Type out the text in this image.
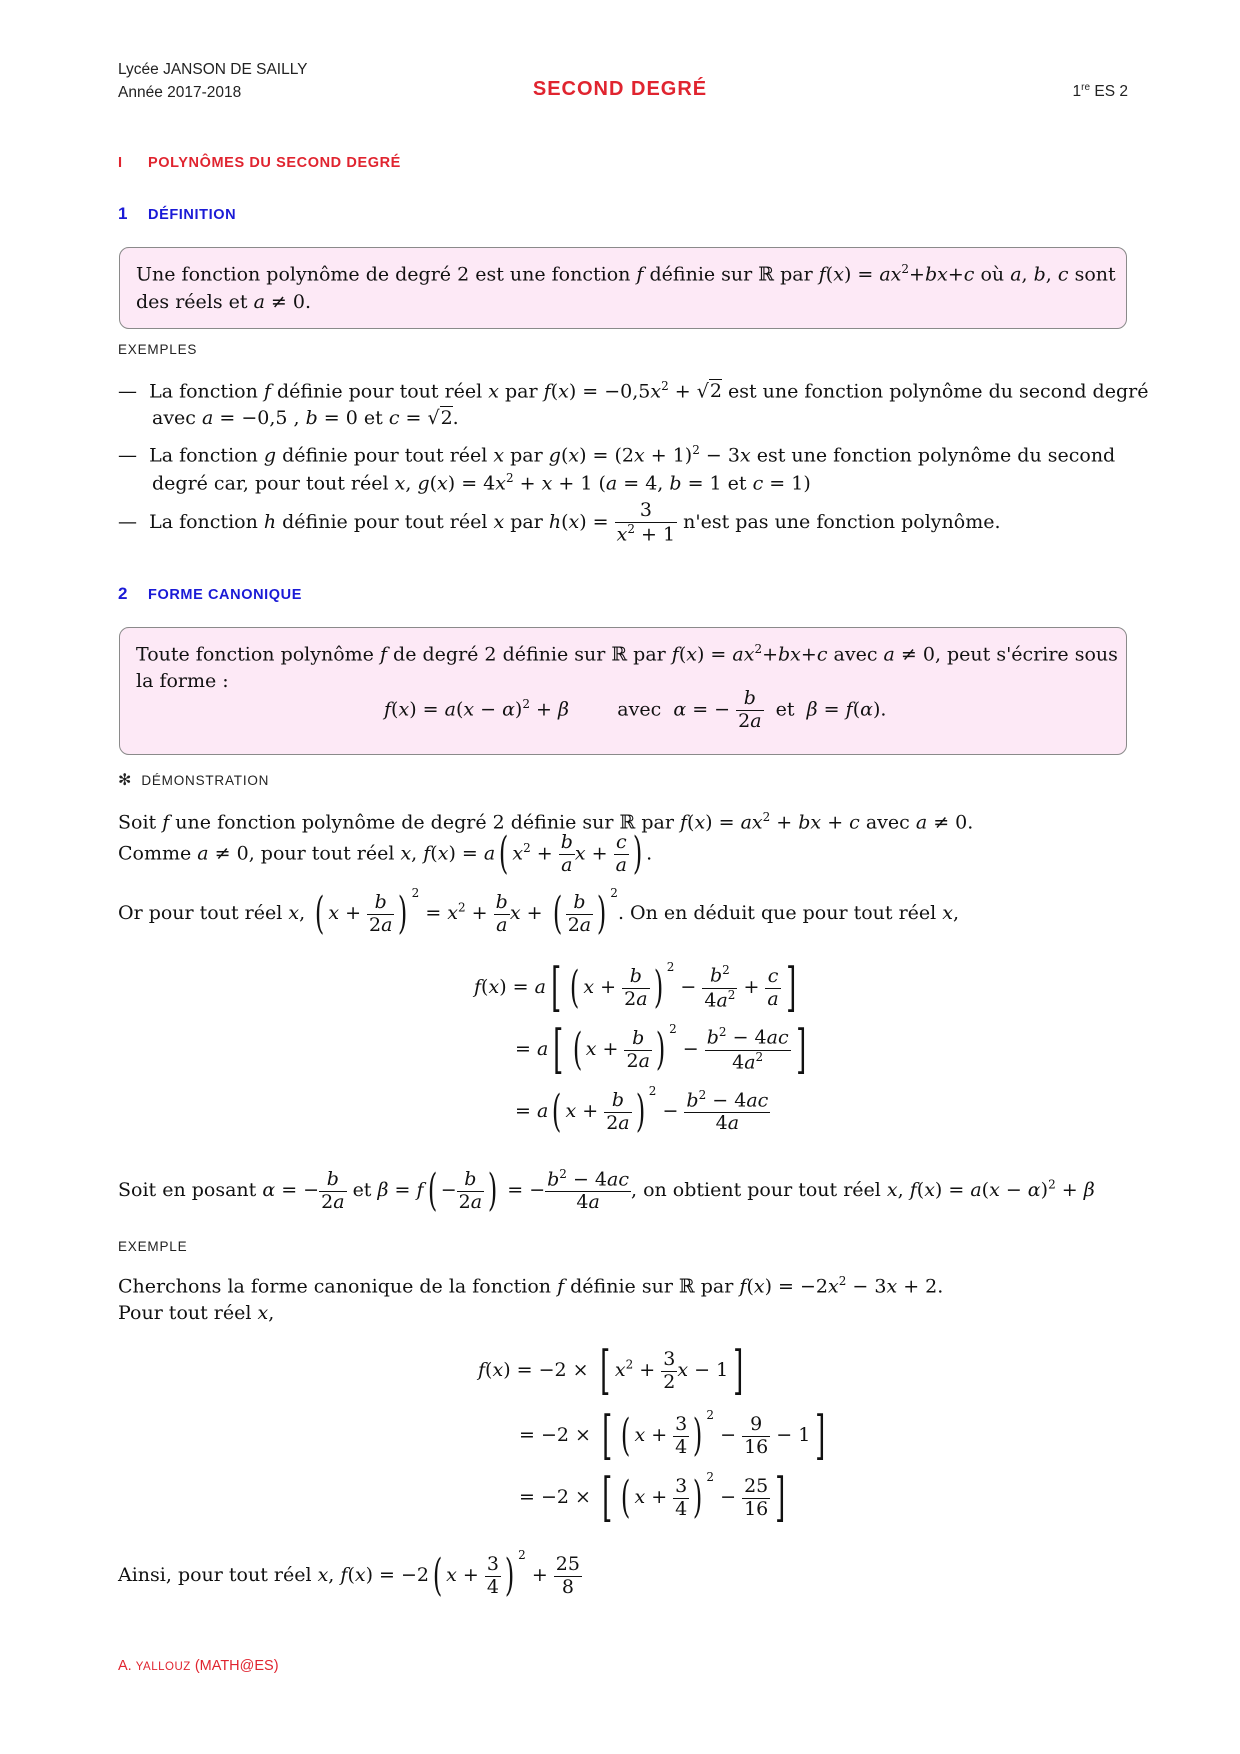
Lycée JANSON DE SAILLY
Année 2017-2018	SECOND DEGRÉ	1re ES 2
I POLYNÔMES DU SECOND DEGRÉ
1 DÉFINITION
Une fonction polynôme de degré 2 est une fonction f définie sur ℝ par $f(x) = ax^2+bx+c$ où a, b, c sont
des réels et a ≠ 0.
EXEMPLES
—  La fonction f définie pour tout réel x par $f(x) = -0,5x^2 + √2$ est une fonction polynôme du second degré
avec a = −0,5 , b = 0 et c = √2.
—  La fonction g définie pour tout réel x par $g(x) = (2x + 1)^2 - 3x$ est une fonction polynôme du second
degré car, pour tout réel x, $g(x) = 4x^2 + x + 1$ (a = 4, b = 1 et c = 1)
—  La fonction h définie pour tout réel x par $h(x) = \frac{3}{x^2 + 1} n'est$ pas une fonction polynôme.
2 FORME CANONIQUE
Toute fonction polynôme f de degré 2 définie sur ℝ par $f(x) = ax^2+bx+c$ avec a ≠ 0, peut s'écrire sous
la forme :
$f(x) = a(x - \alpha)^2 + \beta$	avec α = − $\frac{b}{2a}$ et β = f(α).
✻ DÉMONSTRATION
Soit f une fonction polynôme de degré 2 définie sur ℝ par $f(x) = ax^2$ + bx + c avec a ≠ 0.
Comme a ≠ 0, pour tout réel x, f(x) = a( $x^2 + \frac{b}{a}$ $x + \frac{c}{a}$ ) .
Or pour tout réel x, ( $x + \frac{b}{2a}$ ) $^2 = x^2 + \frac{b}{a}$ x + ( $\frac{b}{2a}$ ) $^2$. On en déduit que pour tout réel x,
f(x) = a[ ( $x + \frac{b}{2a}$ ) $^2 - \frac{b^2}{4a^2} + \frac{c}{a}$ ]
= a[ ( $x + \frac{b}{2a}$ ) $^2 - \frac{b^2 - 4ac}{4a^2}$ ]
= a( $x + \frac{b}{2a}$ ) $^2 - \frac{b^2 - 4ac}{4a}$
Soit en posant α = − $\frac{b}{2a}$ et $\beta = f( - \frac{b}{2a}$ ) = − $\frac{b^2 - 4ac}{4a}$ , on obtient pour tout réel x, $f(x) = a(x - \alpha)^2 + \beta$
EXEMPLE
Cherchons la forme canonique de la fonction f définie sur ℝ par $f(x) = -2x^2 - 3x + 2$.
Pour tout réel x,
f(x) = −2 × [ $x^2 + \frac{3}{2}$ x − 1]
= −2 × [ ( $x + \frac{3}{4}$ ) $^2 - \frac{9}{16} - 1$]
= −2 × [ ( $x + \frac{3}{4}$ ) $^2 - \frac{25}{16}$ ]
Ainsi, pour tout réel x, f(x) = −2( $x + \frac{3}{4}$ ) $^2 + \frac{25}{8}$
A. YALLOUZ (MATH@ES)
